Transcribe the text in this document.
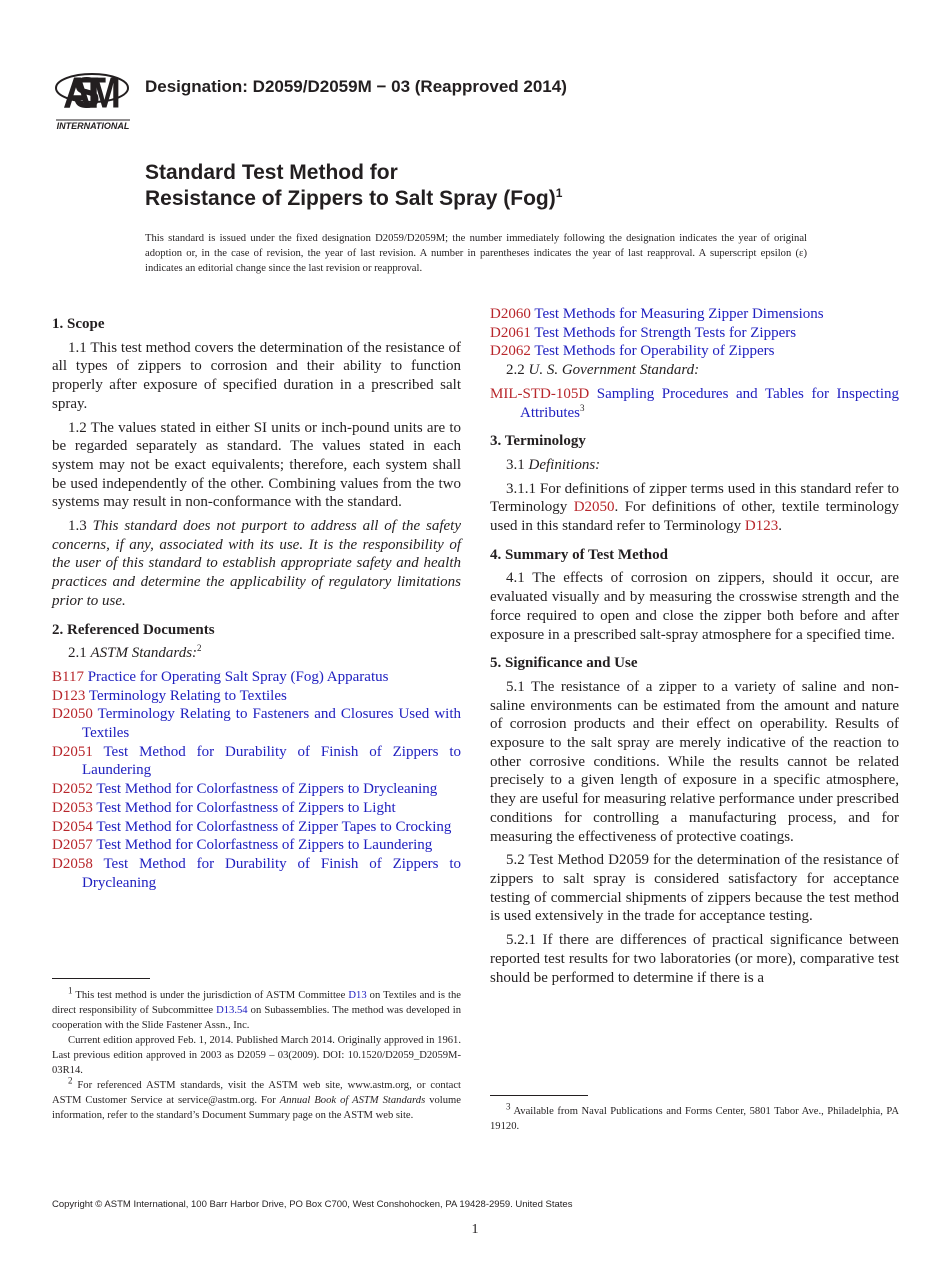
ASTM
INTERNATIONAL
Designation: D2059/D2059M − 03 (Reapproved 2014)
Standard Test Method for
Resistance of Zippers to Salt Spray (Fog)$^1$
This standard is issued under the fixed designation D2059/D2059M; the number immediately following the designation indicates the year of original adoption or, in the case of revision, the year of last revision. A number in parentheses indicates the year of last reapproval. A superscript epsilon (ε) indicates an editorial change since the last revision or reapproval.

1. Scope

1.1 This test method covers the determination of the resistance of all types of zippers to corrosion and their ability to function properly after exposure of specified duration in a prescribed salt spray.

1.2 The values stated in either SI units or inch-pound units are to be regarded separately as standard. The values stated in each system may not be exact equivalents; therefore, each system shall be used independently of the other. Combining values from the two systems may result in non-conformance with the standard.

1.3 This standard does not purport to address all of the safety concerns, if any, associated with its use. It is the responsibility of the user of this standard to establish appropriate safety and health practices and determine the applicability of regulatory limitations prior to use.

2. Referenced Documents

2.1 ASTM Standards:$^2$

B117 Practice for Operating Salt Spray (Fog) Apparatus

D123 Terminology Relating to Textiles

D2050 Terminology Relating to Fasteners and Closures Used with Textiles

D2051 Test Method for Durability of Finish of Zippers to Laundering

D2052 Test Method for Colorfastness of Zippers to Drycleaning

D2053 Test Method for Colorfastness of Zippers to Light

D2054 Test Method for Colorfastness of Zipper Tapes to Crocking

D2057 Test Method for Colorfastness of Zippers to Laundering

D2058 Test Method for Durability of Finish of Zippers to Drycleaning

D2060 Test Methods for Measuring Zipper Dimensions

D2061 Test Methods for Strength Tests for Zippers

D2062 Test Methods for Operability of Zippers

2.2 U. S. Government Standard:

MIL-STD-105D Sampling Procedures and Tables for Inspecting Attributes$^3$

3. Terminology

3.1 Definitions:

3.1.1 For definitions of zipper terms used in this standard refer to Terminology D2050. For definitions of other, textile terminology used in this standard refer to Terminology D123.

4. Summary of Test Method

4.1 The effects of corrosion on zippers, should it occur, are evaluated visually and by measuring the crosswise strength and the force required to open and close the zipper both before and after exposure in a prescribed salt-spray atmosphere for a specified time.

5. Significance and Use

5.1 The resistance of a zipper to a variety of saline and non-saline environments can be estimated from the amount and nature of corrosion products and their effect on operability. Results of exposure to the salt spray are merely indicative of the reaction to other corrosive conditions. While the results cannot be related precisely to a given length of exposure in a specific atmosphere, they are useful for measuring relative performance under prescribed conditions for controlling a manufacturing process, and for measuring the effectiveness of protective coatings.

5.2 Test Method D2059 for the determination of the resistance of zippers to salt spray is considered satisfactory for acceptance testing of commercial shipments of zippers because the test method is used extensively in the trade for acceptance testing.

5.2.1 If there are differences of practical significance between reported test results for two laboratories (or more), comparative test should be performed to determine if there is a

$^1$ This test method is under the jurisdiction of ASTM Committee D13 on Textiles and is the direct responsibility of Subcommittee D13.54 on Subassemblies. The method was developed in cooperation with the Slide Fastener Assn., Inc.

Current edition approved Feb. 1, 2014. Published March 2014. Originally approved in 1961. Last previous edition approved in 2003 as D2059 – 03(2009). DOI: 10.1520/D2059_D2059M-03R14.

$^2$ For referenced ASTM standards, visit the ASTM web site, www.astm.org, or contact ASTM Customer Service at service@astm.org. For Annual Book of ASTM Standards volume information, refer to the standard’s Document Summary page on the ASTM web site.

$^3$ Available from Naval Publications and Forms Center, 5801 Tabor Ave., Philadelphia, PA 19120.

Copyright © ASTM International, 100 Barr Harbor Drive, PO Box C700, West Conshohocken, PA 19428-2959. United States
1
